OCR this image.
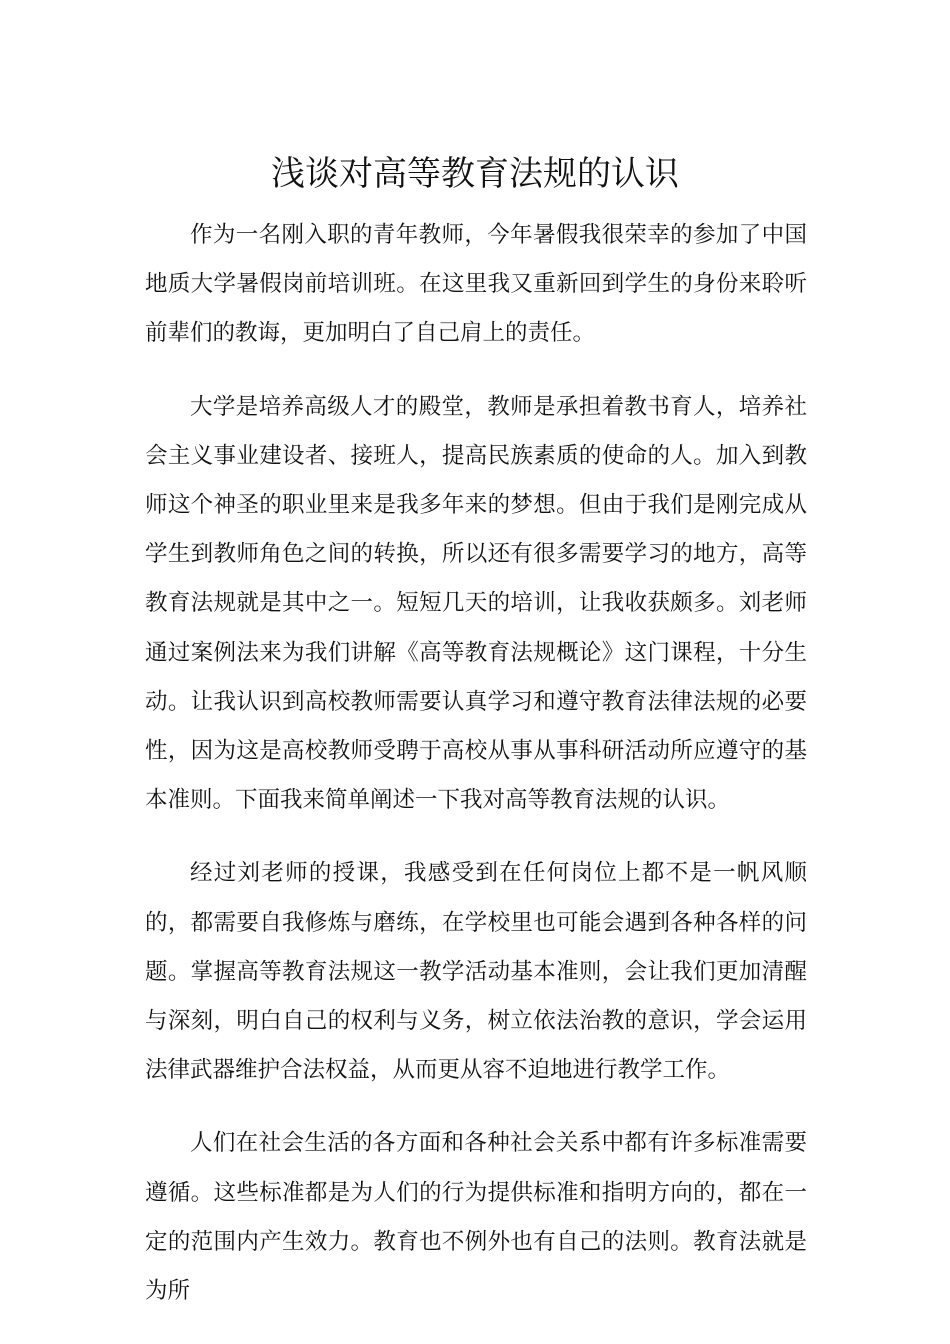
浅谈对高等教育法规的认识

作为一名刚入职的青年教师，今年暑假我很荣幸的参加了中国地质大学暑假岗前培训班。在这里我又重新回到学生的身份来聆听前辈们的教诲，更加明白了自己肩上的责任。

大学是培养高级人才的殿堂，教师是承担着教书育人，培养社会主义事业建设者、接班人，提高民族素质的使命的人。加入到教师这个神圣的职业里来是我多年来的梦想。但由于我们是刚完成从学生到教师角色之间的转换，所以还有很多需要学习的地方，高等教育法规就是其中之一。短短几天的培训，让我收获颇多。刘老师通过案例法来为我们讲解《高等教育法规概论》这门课程，十分生动。让我认识到高校教师需要认真学习和遵守教育法律法规的必要性，因为这是高校教师受聘于高校从事从事科研活动所应遵守的基本准则。下面我来简单阐述一下我对高等教育法规的认识。

经过刘老师的授课，我感受到在任何岗位上都不是一帆风顺的，都需要自我修炼与磨练，在学校里也可能会遇到各种各样的问题。掌握高等教育法规这一教学活动基本准则，会让我们更加清醒与深刻，明白自己的权利与义务，树立依法治教的意识，学会运用法律武器维护合法权益，从而更从容不迫地进行教学工作。

人们在社会生活的各方面和各种社会关系中都有许多标准需要遵循。这些标准都是为人们的行为提供标准和指明方向的，都在一定的范围内产生效力。教育也不例外也有自己的法则。教育法就是为所
